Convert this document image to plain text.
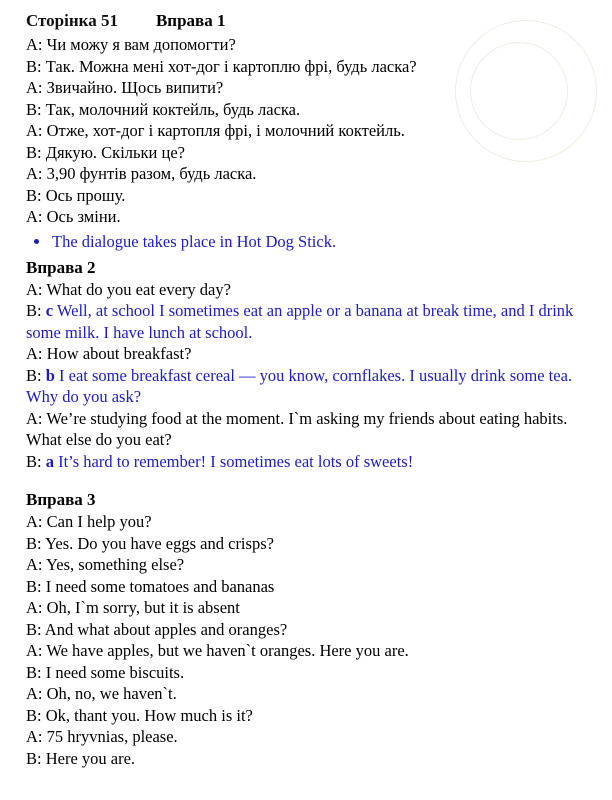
Сторінка 51 Вправа 1

A: Чи можу я вам допомогти?

B: Так. Можна мені хот-дог і картоплю фрі, будь ласка?

A: Звичайно. Щось випити?

B: Так, молочний коктейль, будь ласка.

A: Отже, хот-дог і картопля фрі, і молочний коктейль.

B: Дякую. Скільки це?

A: 3,90 фунтів разом, будь ласка.

B: Ось прошу.

A: Ось зміни.

The dialogue takes place in Hot Dog Stick.
Вправа 2

A: What do you eat every day?

B: c Well, at school I sometimes eat an apple or a banana at break time, and I drink some milk. I have lunch at school.

A: How about breakfast?

B: b I eat some breakfast cereal — you know, cornflakes. I usually drink some tea. Why do you ask?

A: We’re studying food at the moment. I`m asking my friends about eating habits. What else do you eat?

B: a It’s hard to remember! I sometimes eat lots of sweets!

Вправа 3

A: Can I help you?

B: Yes. Do you have eggs and crisps?

A: Yes, something else?

B: I need some tomatoes and bananas

A: Oh, I`m sorry, but it is absent

B: And what about apples and oranges?

A: We have apples, but we haven`t oranges. Here you are.

B: I need some biscuits.

A: Oh, no, we haven`t.

B: Ok, thant you. How much is it?

A: 75 hryvnias, please.

B: Here you are.
